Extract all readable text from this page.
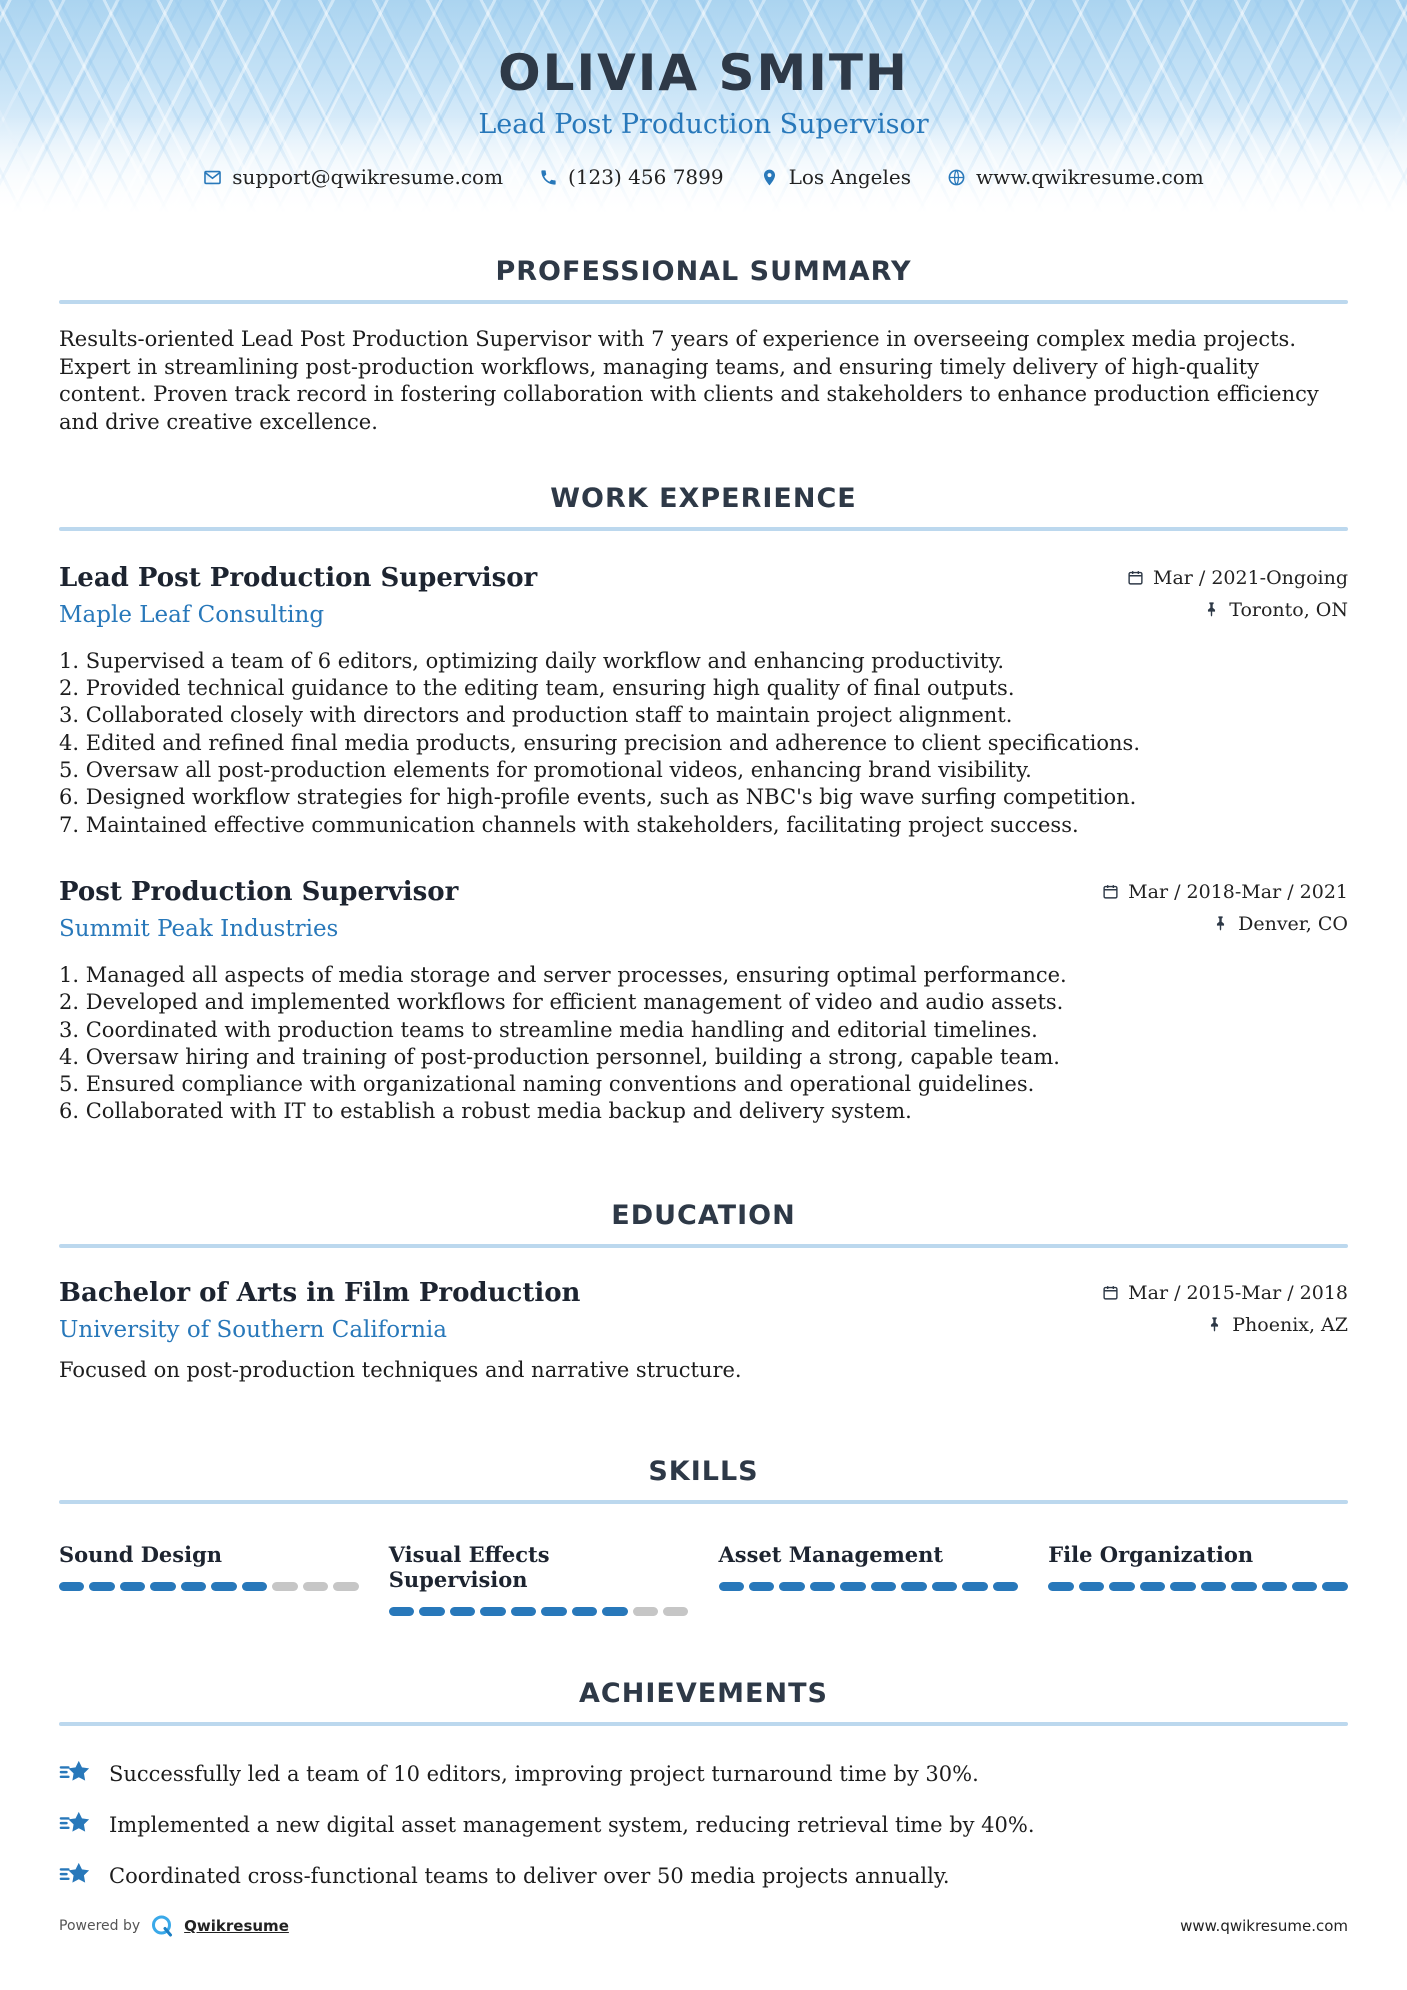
OLIVIA SMITH
Lead Post Production Supervisor
support@qwikresume.com	(123) 456 7899	Los Angeles	www.qwikresume.com
PROFESSIONAL SUMMARY

Results-oriented Lead Post Production Supervisor with 7 years of experience in overseeing complex media projects. Expert in streamlining post-production workflows, managing teams, and ensuring timely delivery of high-quality content. Proven track record in fostering collaboration with clients and stakeholders to enhance production efficiency and drive creative excellence.

WORK EXPERIENCE
Lead Post Production Supervisor
Maple Leaf Consulting
Mar / 2021-Ongoing
Toronto, ON
Supervised a team of 6 editors, optimizing daily workflow and enhancing productivity.
Provided technical guidance to the editing team, ensuring high quality of final outputs.
Collaborated closely with directors and production staff to maintain project alignment.
Edited and refined final media products, ensuring precision and adherence to client specifications.
Oversaw all post-production elements for promotional videos, enhancing brand visibility.
Designed workflow strategies for high-profile events, such as NBC's big wave surfing competition.
Maintained effective communication channels with stakeholders, facilitating project success.
Post Production Supervisor
Summit Peak Industries
Mar / 2018-Mar / 2021
Denver, CO
Managed all aspects of media storage and server processes, ensuring optimal performance.
Developed and implemented workflows for efficient management of video and audio assets.
Coordinated with production teams to streamline media handling and editorial timelines.
Oversaw hiring and training of post-production personnel, building a strong, capable team.
Ensured compliance with organizational naming conventions and operational guidelines.
Collaborated with IT to establish a robust media backup and delivery system.
EDUCATION
Bachelor of Arts in Film Production
University of Southern California
Mar / 2015-Mar / 2018
Phoenix, AZ

Focused on post-production techniques and narrative structure.

SKILLS
Sound Design	Visual Effects Supervision
Asset Management	File Organization
ACHIEVEMENTS
Successfully led a team of 10 editors, improving project turnaround time by 30%.
Implemented a new digital asset management system, reducing retrieval time by 40%.
Coordinated cross-functional teams to deliver over 50 media projects annually.
Powered by	Qwikresume	www.qwikresume.com
